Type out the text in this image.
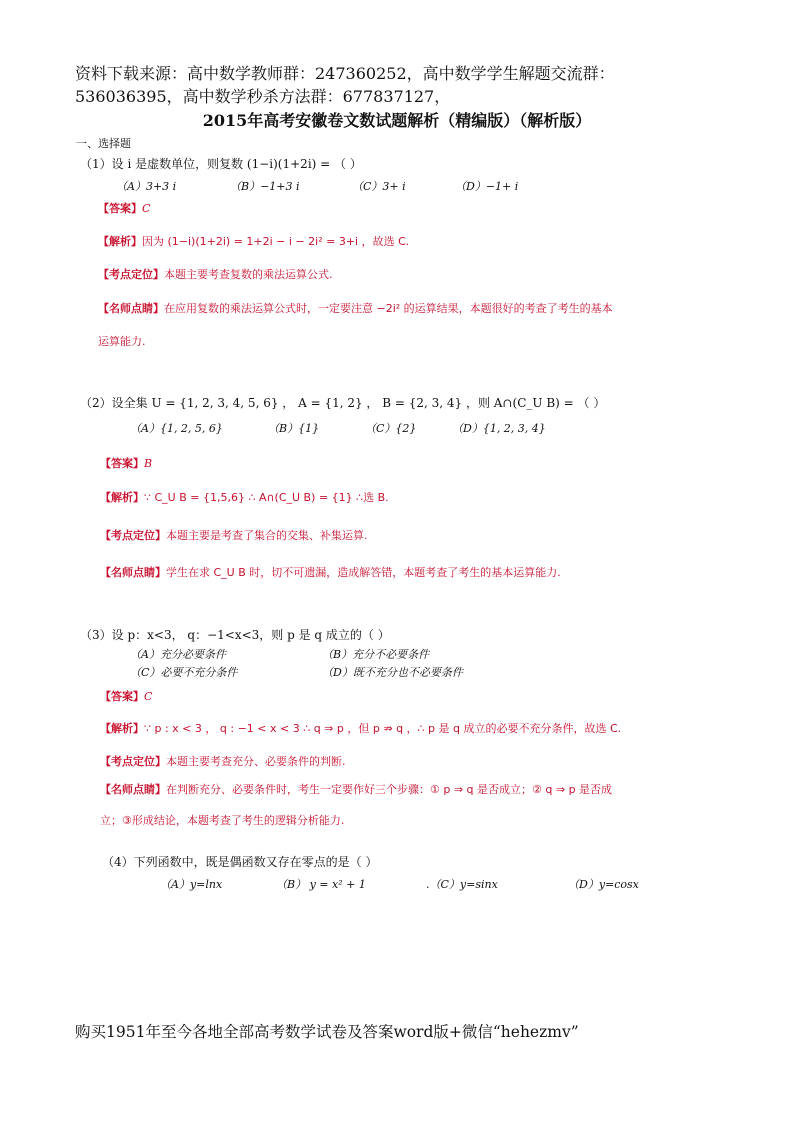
资料下载来源：高中数学教师群：247360252，高中数学学生解题交流群：
536036395，高中数学秒杀方法群：677837127，
2015年高考安徽卷文数试题解析（精编版）（解析版）
一、选择题
（1）设 i 是虚数单位，则复数 (1−i)(1+2i) = （ ）
（A）3+3 i	（B）−1+3 i	（C）3+ i	（D）−1+ i
【答案】C
【解析】因为 (1−i)(1+2i) = 1+2i − i − 2i² = 3+i ，故选 C.
【考点定位】本题主要考查复数的乘法运算公式.
【名师点睛】在应用复数的乘法运算公式时，一定要注意 −2i² 的运算结果，本题很好的考查了考生的基本
运算能力.
（2）设全集 U = {1, 2, 3, 4, 5, 6} ， A = {1, 2} ， B = {2, 3, 4} ，则 A∩(C_U B) = （ ）
（A）{1, 2, 5, 6}	（B）{1}	（C）{2}	（D）{1, 2, 3, 4}
【答案】B
【解析】∵ C_U B = {1,5,6} ∴ A∩(C_U B) = {1} ∴选 B.
【考点定位】本题主要是考查了集合的交集、补集运算.
【名师点睛】学生在求 C_U B 时，切不可遗漏，造成解答错，本题考查了考生的基本运算能力.
（3）设 p：x<3， q：−1<x<3，则 p 是 q 成立的（ ）
（A）充分必要条件	（B）充分不必要条件
（C）必要不充分条件	（D）既不充分也不必要条件
【答案】C
【解析】∵ p : x < 3 ， q : −1 < x < 3 ∴ q ⇒ p ，但 p ⇏ q ，∴ p 是 q 成立的必要不充分条件，故选 C.
【考点定位】本题主要考查充分、必要条件的判断.
【名师点睛】在判断充分、必要条件时，考生一定要作好三个步骤：① p ⇒ q 是否成立；② q ⇒ p 是否成
立；③形成结论，本题考查了考生的逻辑分析能力.
（4）下列函数中，既是偶函数又存在零点的是（ ）
（A）y=lnx	（B） y = x² + 1	.（C）y=sinx	（D）y=cosx
购买1951年至今各地全部高考数学试卷及答案word版+微信“hehezmv”
